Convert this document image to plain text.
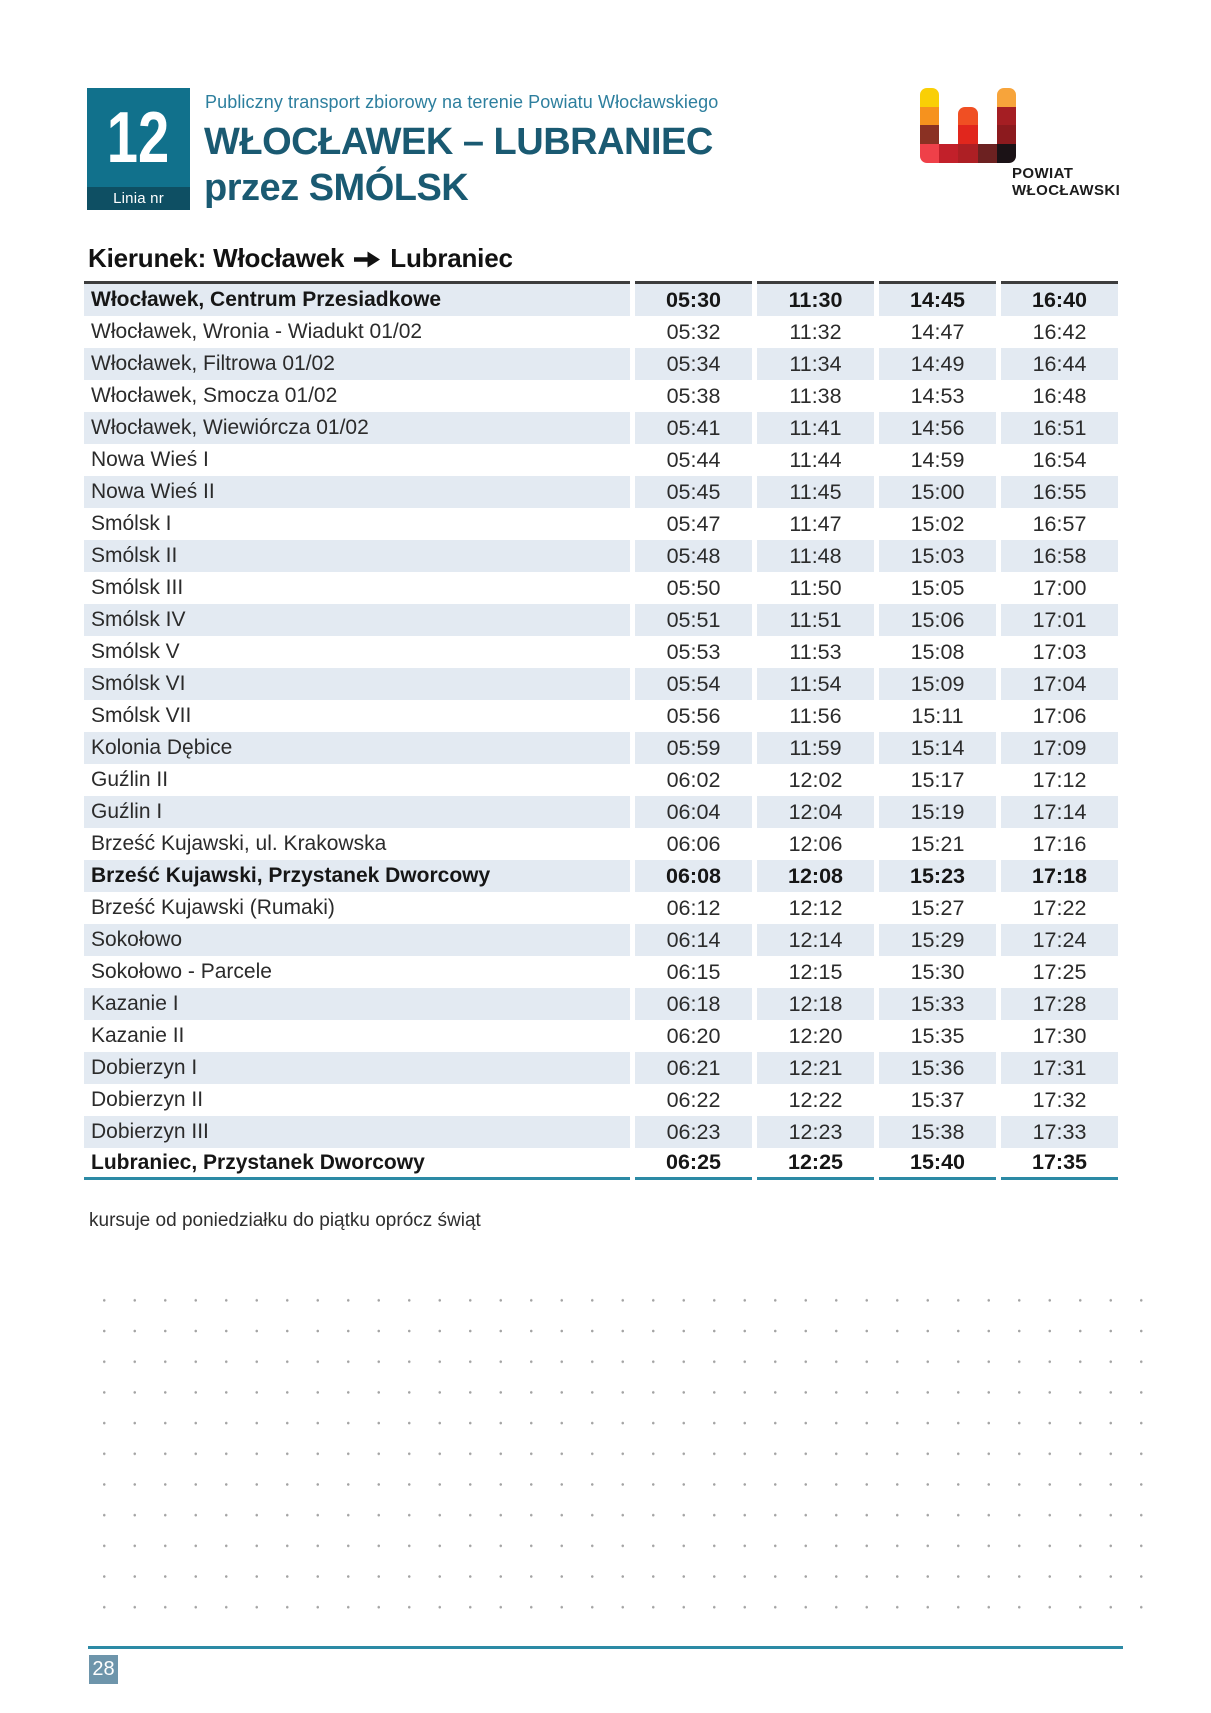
12
Linia nr
Publiczny transport zbiorowy na terenie Powiatu Włocławskiego
WŁOCŁAWEK – LUBRANIEC
przez SMÓLSK	POWIAT
WŁOCŁAWSKI
Kierunek: Włocławek Lubraniec
Włocławek, Centrum Przesiadkowe	05:30	11:30	14:45	16:40
Włocławek, Wronia - Wiadukt 01/02	05:32	11:32	14:47	16:42
Włocławek, Filtrowa 01/02	05:34	11:34	14:49	16:44
Włocławek, Smocza 01/02	05:38	11:38	14:53	16:48
Włocławek, Wiewiórcza 01/02	05:41	11:41	14:56	16:51
Nowa Wieś I	05:44	11:44	14:59	16:54
Nowa Wieś II	05:45	11:45	15:00	16:55
Smólsk I	05:47	11:47	15:02	16:57
Smólsk II	05:48	11:48	15:03	16:58
Smólsk III	05:50	11:50	15:05	17:00
Smólsk IV	05:51	11:51	15:06	17:01
Smólsk V	05:53	11:53	15:08	17:03
Smólsk VI	05:54	11:54	15:09	17:04
Smólsk VII	05:56	11:56	15:11	17:06
Kolonia Dębice	05:59	11:59	15:14	17:09
Guźlin II	06:02	12:02	15:17	17:12
Guźlin I	06:04	12:04	15:19	17:14
Brześć Kujawski, ul. Krakowska	06:06	12:06	15:21	17:16
Brześć Kujawski, Przystanek Dworcowy	06:08	12:08	15:23	17:18
Brześć Kujawski (Rumaki)	06:12	12:12	15:27	17:22
Sokołowo	06:14	12:14	15:29	17:24
Sokołowo - Parcele	06:15	12:15	15:30	17:25
Kazanie I	06:18	12:18	15:33	17:28
Kazanie II	06:20	12:20	15:35	17:30
Dobierzyn I	06:21	12:21	15:36	17:31
Dobierzyn II	06:22	12:22	15:37	17:32
Dobierzyn III	06:23	12:23	15:38	17:33
Lubraniec, Przystanek Dworcowy	06:25	12:25	15:40	17:35
kursuje od poniedziałku do piątku oprócz świąt
28
